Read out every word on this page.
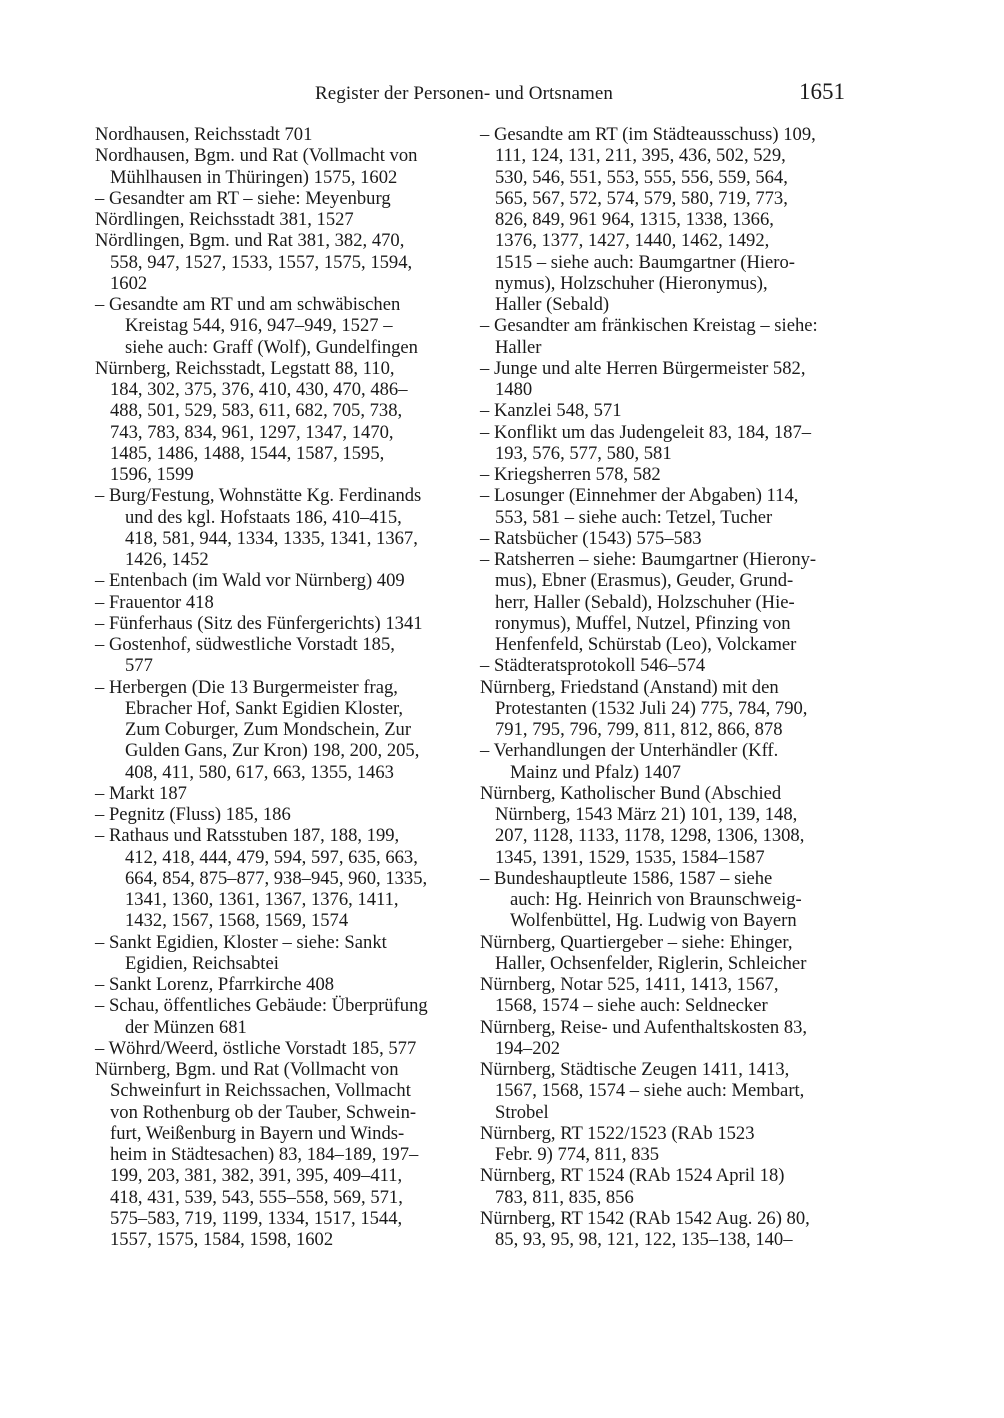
Register der Personen- und Ortsnamen	1651
Nordhausen, Reichsstadt 701
Nordhausen, Bgm. und Rat (Vollmacht von
Mühlhausen in Thüringen) 1575, 1602
– Gesandter am RT – siehe: Meyenburg
Nördlingen, Reichsstadt 381, 1527
Nördlingen, Bgm. und Rat 381, 382, 470,
558, 947, 1527, 1533, 1557, 1575, 1594,
1602
– Gesandte am RT und am schwäbischen
Kreistag 544, 916, 947–949, 1527 –
siehe auch: Graff (Wolf), Gundelfingen
Nürnberg, Reichsstadt, Legstatt 88, 110,
184, 302, 375, 376, 410, 430, 470, 486–
488, 501, 529, 583, 611, 682, 705, 738,
743, 783, 834, 961, 1297, 1347, 1470,
1485, 1486, 1488, 1544, 1587, 1595,
1596, 1599
– Burg/Festung, Wohnstätte Kg. Ferdinands
und des kgl. Hofstaats 186, 410–415,
418, 581, 944, 1334, 1335, 1341, 1367,
1426, 1452
– Entenbach (im Wald vor Nürnberg) 409
– Frauentor 418
– Fünferhaus (Sitz des Fünfergerichts) 1341
– Gostenhof, südwestliche Vorstadt 185,
577
– Herbergen (Die 13 Burgermeister frag,
Ebracher Hof, Sankt Egidien Kloster,
Zum Coburger, Zum Mondschein, Zur
Gulden Gans, Zur Kron) 198, 200, 205,
408, 411, 580, 617, 663, 1355, 1463
– Markt 187
– Pegnitz (Fluss) 185, 186
– Rathaus und Ratsstuben 187, 188, 199,
412, 418, 444, 479, 594, 597, 635, 663,
664, 854, 875–877, 938–945, 960, 1335,
1341, 1360, 1361, 1367, 1376, 1411,
1432, 1567, 1568, 1569, 1574
– Sankt Egidien, Kloster – siehe: Sankt
Egidien, Reichsabtei
– Sankt Lorenz, Pfarrkirche 408
– Schau, öffentliches Gebäude: Überprüfung
der Münzen 681
– Wöhrd/Weerd, östliche Vorstadt 185, 577
Nürnberg, Bgm. und Rat (Vollmacht von
Schweinfurt in Reichssachen, Vollmacht
von Rothenburg ob der Tauber, Schwein-
furt, Weißenburg in Bayern und Winds-
heim in Städtesachen) 83, 184–189, 197–
199, 203, 381, 382, 391, 395, 409–411,
418, 431, 539, 543, 555–558, 569, 571,
575–583, 719, 1199, 1334, 1517, 1544,
1557, 1575, 1584, 1598, 1602
– Gesandte am RT (im Städteausschuss) 109,
111, 124, 131, 211, 395, 436, 502, 529,
530, 546, 551, 553, 555, 556, 559, 564,
565, 567, 572, 574, 579, 580, 719, 773,
826, 849, 961 964, 1315, 1338, 1366,
1376, 1377, 1427, 1440, 1462, 1492,
1515 – siehe auch: Baumgartner (Hiero-
nymus), Holzschuher (Hieronymus),
Haller (Sebald)
– Gesandter am fränkischen Kreistag – siehe:
Haller
– Junge und alte Herren Bürgermeister 582,
1480
– Kanzlei 548, 571
– Konflikt um das Judengeleit 83, 184, 187–
193, 576, 577, 580, 581
– Kriegsherren 578, 582
– Losunger (Einnehmer der Abgaben) 114,
553, 581 – siehe auch: Tetzel, Tucher
– Ratsbücher (1543) 575–583
– Ratsherren – siehe: Baumgartner (Hierony-
mus), Ebner (Erasmus), Geuder, Grund-
herr, Haller (Sebald), Holzschuher (Hie-
ronymus), Muffel, Nutzel, Pfinzing von
Henfenfeld, Schürstab (Leo), Volckamer
– Städteratsprotokoll 546–574
Nürnberg, Friedstand (Anstand) mit den
Protestanten (1532 Juli 24) 775, 784, 790,
791, 795, 796, 799, 811, 812, 866, 878
– Verhandlungen der Unterhändler (Kff.
Mainz und Pfalz) 1407
Nürnberg, Katholischer Bund (Abschied
Nürnberg, 1543 März 21) 101, 139, 148,
207, 1128, 1133, 1178, 1298, 1306, 1308,
1345, 1391, 1529, 1535, 1584–1587
– Bundeshauptleute 1586, 1587 – siehe
auch: Hg. Heinrich von Braunschweig-
Wolfenbüttel, Hg. Ludwig von Bayern
Nürnberg, Quartiergeber – siehe: Ehinger,
Haller, Ochsenfelder, Riglerin, Schleicher
Nürnberg, Notar 525, 1411, 1413, 1567,
1568, 1574 – siehe auch: Seldnecker
Nürnberg, Reise- und Aufenthaltskosten 83,
194–202
Nürnberg, Städtische Zeugen 1411, 1413,
1567, 1568, 1574 – siehe auch: Membart,
Strobel
Nürnberg, RT 1522/1523 (RAb 1523
Febr. 9) 774, 811, 835
Nürnberg, RT 1524 (RAb 1524 April 18)
783, 811, 835, 856
Nürnberg, RT 1542 (RAb 1542 Aug. 26) 80,
85, 93, 95, 98, 121, 122, 135–138, 140–
